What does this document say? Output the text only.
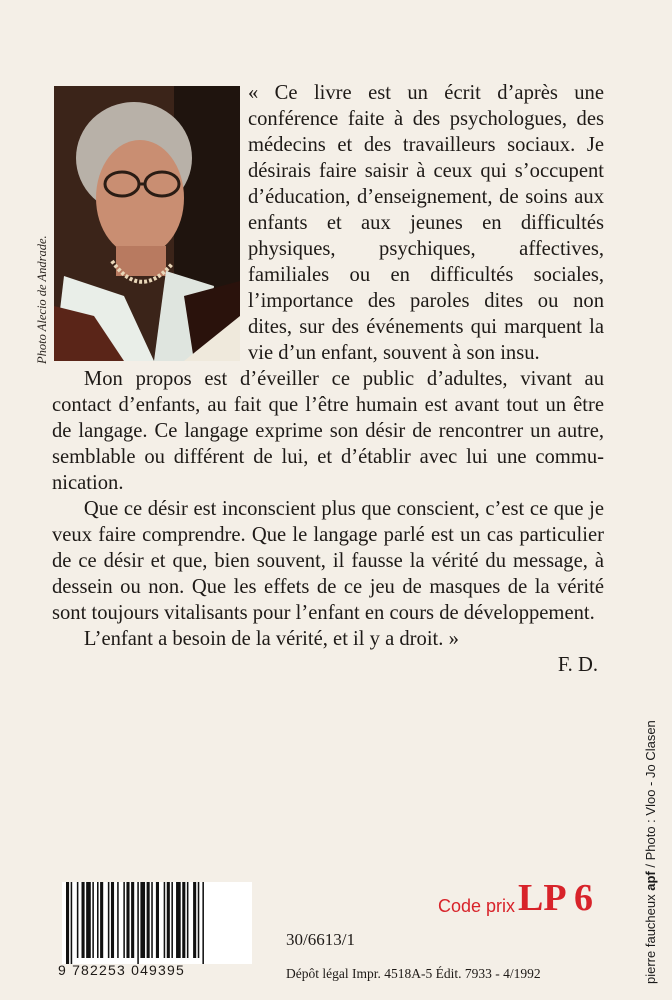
Photo Alecio de Andrade.

« Ce livre est un écrit d’après une conférence faite à des psychologues, des médecins et des travailleurs sociaux. Je désirais faire saisir à ceux qui s’occupent d’éducation, d’enseignement, de soins aux enfants et aux jeunes en difficultés physiques, psychiques, affectives, familiales ou en difficultés sociales, l’importance des paroles dites ou non dites, sur des événements qui marquent la vie d’un enfant, souvent à son insu.

Mon propos est d’éveiller ce public d’adultes, vivant au contact d’enfants, au fait que l’être humain est avant tout un être de langage. Ce langage exprime son désir de rencontrer un autre, semblable ou différent de lui, et d’établir avec lui une communication.

Que ce désir est inconscient plus que conscient, c’est ce que je veux faire comprendre. Que le langage parlé est un cas particulier de ce désir et que, bien souvent, il fausse la vérité du message, à dessein ou non. Que les effets de ce jeu de masques de la vérité sont toujours vitalisants pour l’enfant en cours de développement.

L’enfant a besoin de la vérité, et il y a droit. »

F. D.
pierre faucheux apf / Photo : Vloo - Jo Clasen
9 782253 049395
Code prix LP 6
30/6613/1
Dépôt légal Impr. 4518A-5 Édit. 7933 - 4/1992
